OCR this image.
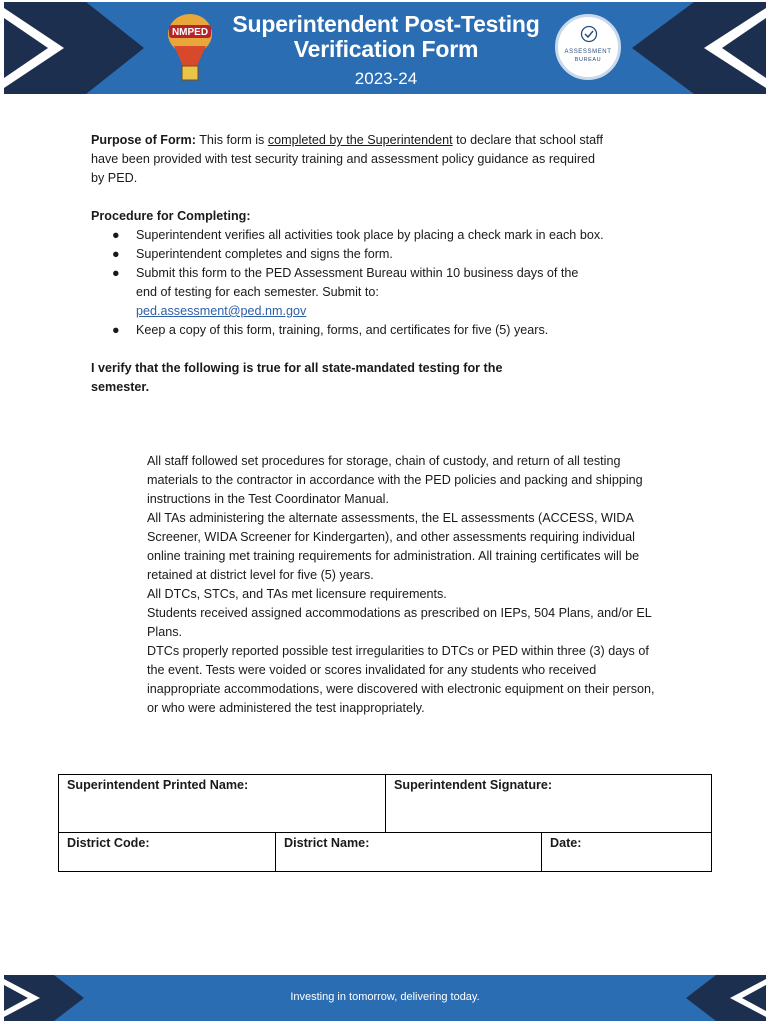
NMPED	Superintendent Post-Testing
Verification Form
2023-24
ASSESSMENT
BUREAU
Purpose of Form: This form is completed by the Superintendent to declare that school staff have been provided with test security training and assessment policy guidance as required by PED.
Procedure for Completing:
● Superintendent verifies all activities took place by placing a check mark in each box.
● Superintendent completes and signs the form.
● Submit this form to the PED Assessment Bureau within 10 business days of the end of testing for each semester. Submit to:
ped.assessment@ped.nm.gov
● Keep a copy of this form, training, forms, and certificates for five (5) years.
I verify that the following is true for all state-mandated testing for the semester.
All staff followed set procedures for storage, chain of custody, and return of all testing materials to the contractor in accordance with the PED policies and packing and shipping instructions in the Test Coordinator Manual.
All TAs administering the alternate assessments, the EL assessments (ACCESS, WIDA Screener, WIDA Screener for Kindergarten), and other assessments requiring individual online training met training requirements for administration. All training certificates will be retained at district level for five (5) years.
All DTCs, STCs, and TAs met licensure requirements.
Students received assigned accommodations as prescribed on IEPs, 504 Plans, and/or EL Plans.
DTCs properly reported possible test irregularities to DTCs or PED within three (3) days of the event. Tests were voided or scores invalidated for any students who received inappropriate accommodations, were discovered with electronic equipment on their person, or who were administered the test inappropriately.
Superintendent Printed Name:	Superintendent Signature:
District Code:	District Name:	Date:
Investing in tomorrow, delivering today.
